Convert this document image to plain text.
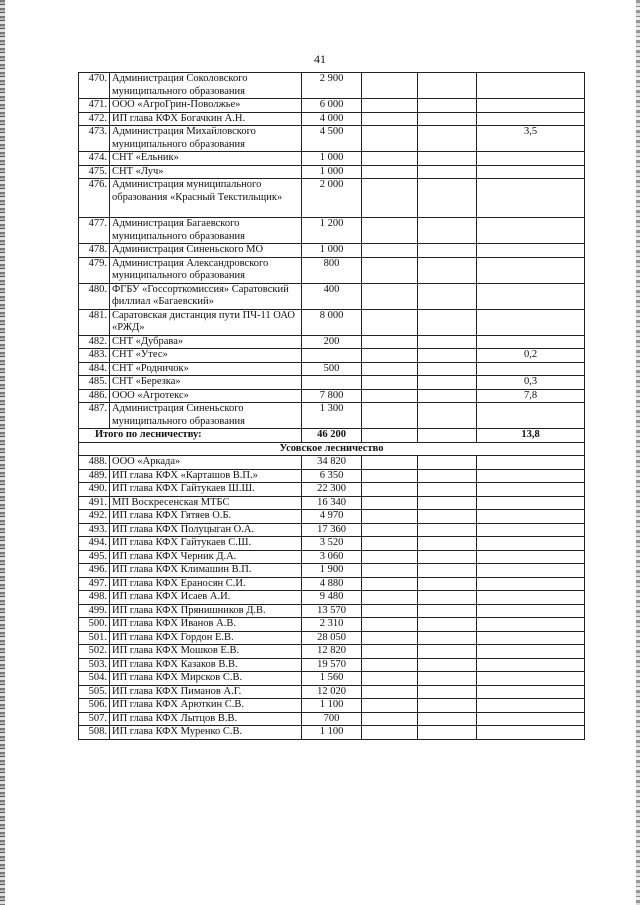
41
470.	Администрация Соколовского муниципального образования	2 900			
471.	ООО «АгроГрин-Поволжье»	6 000			
472.	ИП глава КФХ Богачкин А.Н.	4 000			
473.	Администрация Михайловского муниципального образования	4 500			3,5
474.	СНТ «Ельник»	1 000			
475.	СНТ «Луч»	1 000			
476.	Администрация муниципального образования «Красный Текстильщик»	2 000			
477.	Администрация Багаевского муниципального образования	1 200			
478.	Администрация Синеньского МО	1 000			
479.	Администрация Александровского муниципального образования	800			
480.	ФГБУ «Госсорткомиссия» Саратовский филлиал «Багаевский»	400			
481.	Саратовская дистанция пути ПЧ-11 ОАО «РЖД»	8 000			
482.	СНТ «Дубрава»	200			
483.	СНТ «Утес»				0,2
484.	СНТ «Родничок»	500			
485.	СНТ «Березка»				0,3
486.	ООО «Агротекс»	7 800			7,8
487.	Администрация Синеньского муниципального образования	1 300			
Итого по лесничеству:		46 200			13,8
Усовское лесничество					
488.	ООО «Аркада»	34 820			
489.	ИП глава КФХ «Карташов В.П.»	6 350			
490.	ИП глава КФХ Гайтукаев Ш.Ш.	22 300			
491.	МП Воскресенская МТБС	16 340			
492.	ИП глава КФХ Гятяев О.Б.	4 970			
493.	ИП глава КФХ Полуцыган О.А.	17 360			
494.	ИП глава КФХ Гайтукаев С.Ш.	3 520			
495.	ИП глава КФХ Черник Д.А.	3 060			
496.	ИП глава КФХ Климашин В.П.	1 900			
497.	ИП глава КФХ Ераносян С.И.	4 880			
498.	ИП глава КФХ Исаев А.И.	9 480			
499.	ИП глава КФХ Прянишников Д.В.	13 570			
500.	ИП глава КФХ Иванов А.В.	2 310			
501.	ИП глава КФХ Гордон Е.В.	28 050			
502.	ИП глава КФХ Мошков Е.В.	12 820			
503.	ИП глава КФХ Казаков В.В.	19 570			
504.	ИП глава КФХ Мирсков С.В.	1 560			
505.	ИП глава КФХ Пиманов А.Г.	12 020			
506.	ИП глава КФХ Арюткин С.В.	1 100			
507.	ИП глава КФХ Лытцов В.В.	700			
508.	ИП глава КФХ Муренко С.В.	1 100			
